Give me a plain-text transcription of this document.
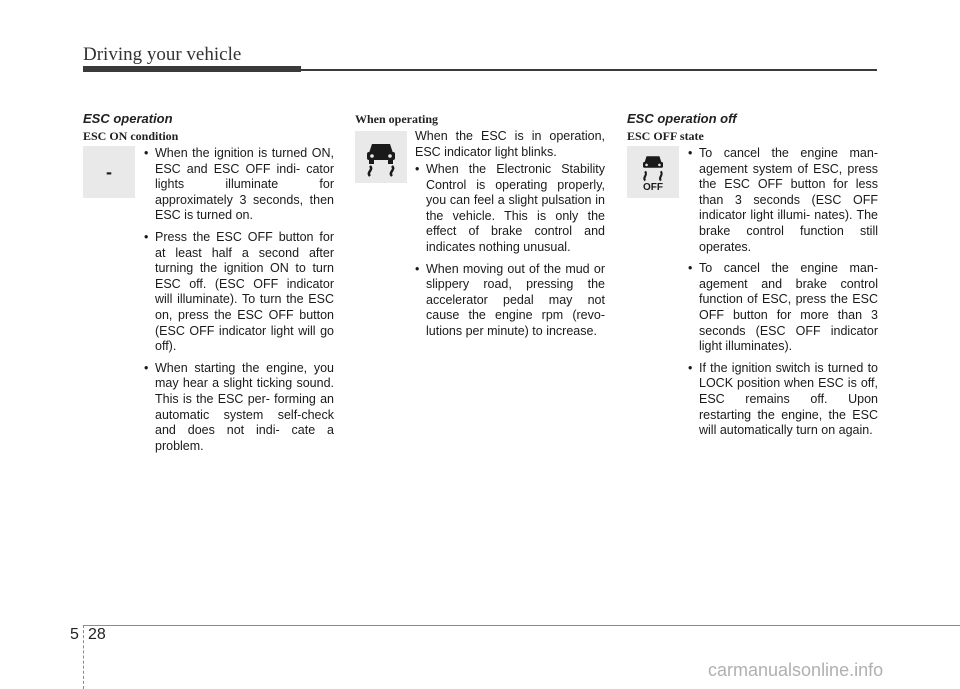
Driving your vehicle
ESC operation
ESC ON condition
-
• When the ignition is turned ON, ESC and ESC OFF indi- cator lights illuminate for approximately 3 seconds, then ESC is turned on.
• Press the ESC OFF button for at least half a second after turning the ignition ON to turn ESC off. (ESC OFF indicator will illuminate). To turn the ESC on, press the ESC OFF button (ESC OFF indicator light will go off).
• When starting the engine, you may hear a slight ticking sound. This is the ESC per- forming an automatic system self-check and does not indi- cate a problem.
When operating

When the ESC is in operation, ESC indicator light blinks.

• When the Electronic Stability Control is operating properly, you can feel a slight pulsation in the vehicle. This is only the effect of brake control and indicates nothing unusual.
• When moving out of the mud or slippery road, pressing the accelerator pedal may not cause the engine rpm (revo- lutions per minute) to increase.
ESC operation off
ESC OFF state
OFF
• To cancel the engine man- agement system of ESC, press the ESC OFF button for less than 3 seconds (ESC OFF indicator light illumi- nates). The brake control function still operates.
• To cancel the engine man- agement and brake control function of ESC, press the ESC OFF button for more than 3 seconds (ESC OFF indicator light illuminates).
• If the ignition switch is turned to LOCK position when ESC is off, ESC remains off. Upon restarting the engine, the ESC will automatically turn on again.
5 28
carmanualsonline.info
